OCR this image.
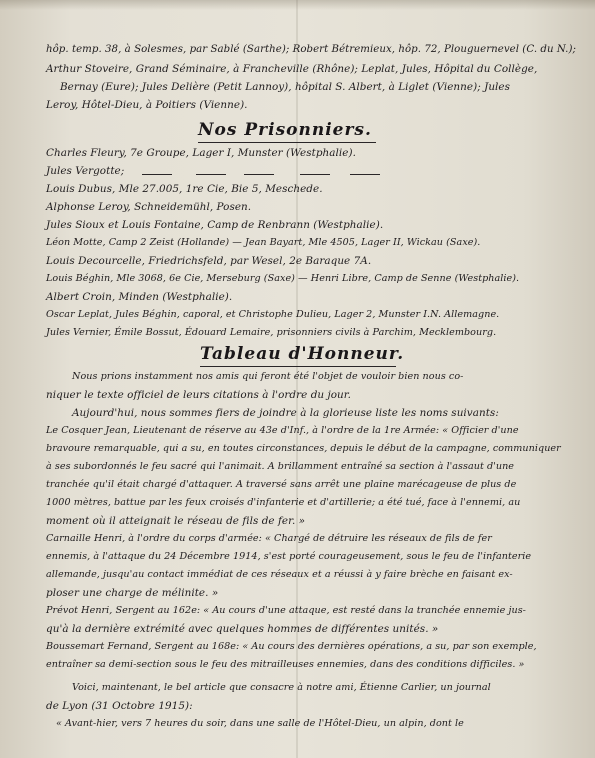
hôp. temp. 38, à Solesmes, par Sablé (Sarthe); Robert Bétremieux, hôp. 72, Plouguernevel (C. du N.);
Arthur Stoveire, Grand Séminaire, à Francheville (Rhône); Leplat, Jules, Hôpital du Collège,
Bernay (Eure); Jules Delière (Petit Lannoy), hôpital S. Albert, à Liglet (Vienne); Jules
Leroy, Hôtel-Dieu, à Poitiers (Vienne).
Nos Prisonniers.
Charles Fleury, 7e Groupe, Lager I, Munster (Westphalie).
Jules Vergotte;
Louis Dubus, Mle 27.005, 1re Cie, Bie 5, Meschede.
Alphonse Leroy, Schneidemühl, Posen.
Jules Sioux et Louis Fontaine, Camp de Renbrann (Westphalie).
Léon Motte, Camp 2 Zeist (Hollande) — Jean Bayart, Mle 4505, Lager II, Wickau (Saxe).
Louis Decourcelle, Friedrichsfeld, par Wesel, 2e Baraque 7A.
Louis Béghin, Mle 3068, 6e Cie, Merseburg (Saxe) — Henri Libre, Camp de Senne (Westphalie).
Albert Croin, Minden (Westphalie).
Oscar Leplat, Jules Béghin, caporal, et Christophe Dulieu, Lager 2, Munster I.N. Allemagne.
Jules Vernier, Émile Bossut, Édouard Lemaire, prisonniers civils à Parchim, Mecklembourg.
Tableau d'Honneur.
Nous prions instamment nos amis qui feront été l'objet de vouloir bien nous co-
niquer le texte officiel de leurs citations à l'ordre du jour.
Aujourd'hui, nous sommes fiers de joindre à la glorieuse liste les noms suivants:
Le Cosquer Jean, Lieutenant de réserve au 43e d'Inf., à l'ordre de la 1re Armée: « Officier d'une
bravoure remarquable, qui a su, en toutes circonstances, depuis le début de la campagne, communiquer
à ses subordonnés le feu sacré qui l'animait. A brillamment entraîné sa section à l'assaut d'une
tranchée qu'il était chargé d'attaquer. A traversé sans arrêt une plaine marécageuse de plus de
1000 mètres, battue par les feux croisés d'infanterie et d'artillerie; a été tué, face à l'ennemi, au
moment où il atteignait le réseau de fils de fer. »
Carnaille Henri, à l'ordre du corps d'armée: « Chargé de détruire les réseaux de fils de fer
ennemis, à l'attaque du 24 Décembre 1914, s'est porté courageusement, sous le feu de l'infanterie
allemande, jusqu'au contact immédiat de ces réseaux et a réussi à y faire brèche en faisant ex-
ploser une charge de mélinite. »
Prévot Henri, Sergent au 162e: « Au cours d'une attaque, est resté dans la tranchée ennemie jus-
qu'à la dernière extrémité avec quelques hommes de différentes unités. »
Boussemart Fernand, Sergent au 168e: « Au cours des dernières opérations, a su, par son exemple,
entraîner sa demi-section sous le feu des mitrailleuses ennemies, dans des conditions difficiles. »
Voici, maintenant, le bel article que consacre à notre ami, Étienne Carlier, un journal
de Lyon (31 Octobre 1915):
« Avant-hier, vers 7 heures du soir, dans une salle de l'Hôtel-Dieu, un alpin, dont le
